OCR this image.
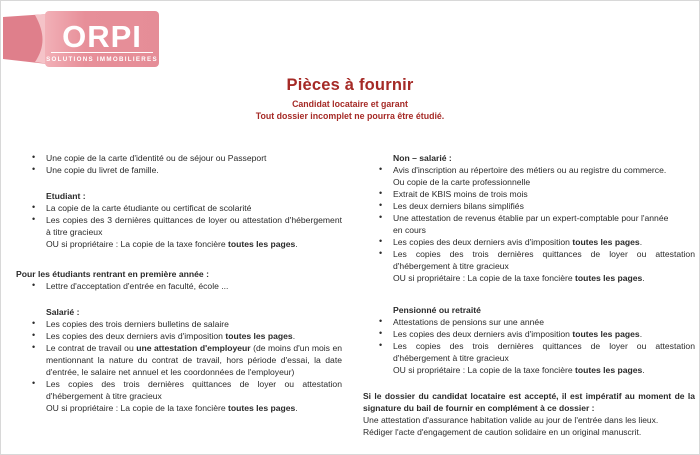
ORPI
SOLUTIONS IMMOBILIERES
Pièces à fournir
Candidat locataire et garant
Tout dossier incomplet ne pourra être étudié.
• Une copie de la carte d'identité ou de séjour ou Passeport
• Une copie du livret de famille.
Etudiant :
• La copie de la carte étudiante ou certificat de scolarité
• Les copies des 3 dernières quittances de loyer ou attestation d'hébergement à titre gracieux
OU si propriétaire : La copie de la taxe foncière toutes les pages.
Pour les étudiants rentrant en première année :
• Lettre d'acceptation d'entrée en faculté, école ...
Salarié :
• Les copies des trois derniers bulletins de salaire
• Les copies des deux derniers avis d'imposition toutes les pages.
• Le contrat de travail ou une attestation d'employeur (de moins d'un mois en mentionnant la nature du contrat de travail, hors période d'essai, la date d'entrée, le salaire net annuel et les coordonnées de l'employeur)
• Les copies des trois dernières quittances de loyer ou attestation d'hébergement à titre gracieux
OU si propriétaire : La copie de la taxe foncière toutes les pages.
Non – salarié :
• Avis d'inscription au répertoire des métiers ou au registre du commerce.
Ou copie de la carte professionnelle
• Extrait de KBIS moins de trois mois
• Les deux derniers bilans simplifiés
• Une attestation de revenus établie par un expert-comptable pour l'année
en cours
• Les copies des deux derniers avis d'imposition toutes les pages.
• Les copies des trois dernières quittances de loyer ou attestation d'hébergement à titre gracieux
OU si propriétaire : La copie de la taxe foncière toutes les pages.
Pensionné ou retraité
• Attestations de pensions sur une année
• Les copies des deux derniers avis d'imposition toutes les pages.
• Les copies des trois dernières quittances de loyer ou attestation d'hébergement à titre gracieux
OU si propriétaire : La copie de la taxe foncière toutes les pages.
Si le dossier du candidat locataire est accepté, il est impératif au moment de la signature du bail de fournir en complément à ce dossier :
Une attestation d'assurance habitation valide au jour de l'entrée dans les lieux.
Rédiger l'acte d'engagement de caution solidaire en un original manuscrit.
